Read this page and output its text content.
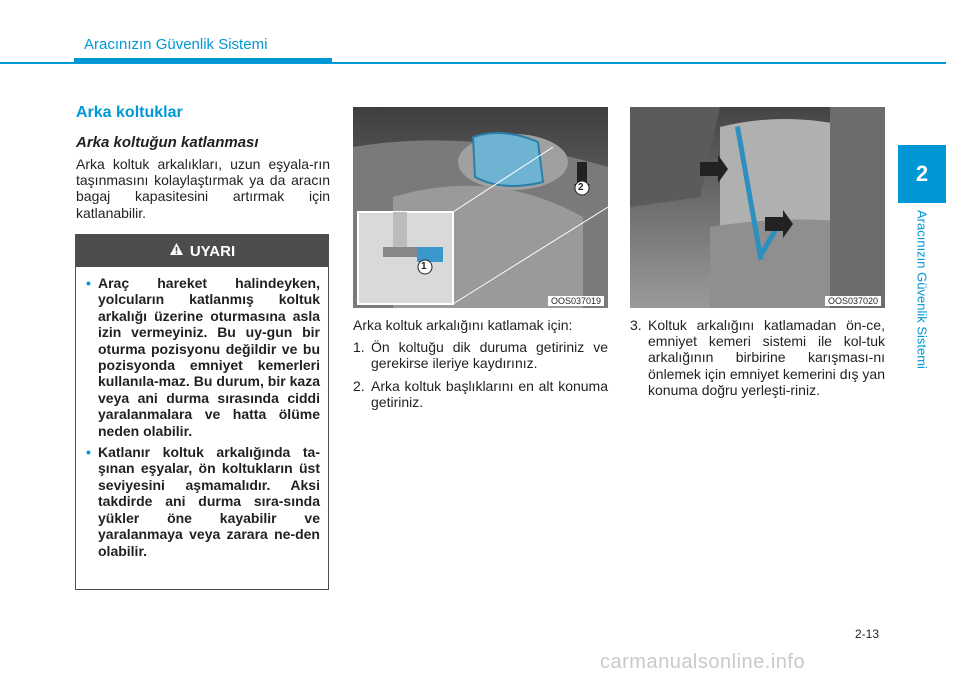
Aracınızın Güvenlik Sistemi
2
Aracınızın Güvenlik Sistemi
Arka koltuklar
Arka koltuğun katlanması
Arka koltuk arkalıkları, uzun eşyala-rın taşınmasını kolaylaştırmak ya da aracın bagaj kapasitesini artırmak için katlanabilir.
UYARI
• Araç hareket halindeyken, yolcuların katlanmış koltuk arkalığı üzerine oturmasına asla izin vermeyiniz. Bu uy-gun bir oturma pozisyonu değildir ve bu pozisyonda emniyet kemerleri kullanıla-maz. Bu durum, bir kaza veya ani durma sırasında ciddi yaralanmalara ve hatta ölüme neden olabilir.
• Katlanır koltuk arkalığında ta-şınan eşyalar, ön koltukların üst seviyesini aşmamalıdır. Aksi takdirde ani durma sıra-sında yükler öne kayabilir ve yaralanmaya veya zarara ne-den olabilir.
1
2
OOS037019	OOS037020
Arka koltuk arkalığını katlamak için:
1. Ön koltuğu dik duruma getiriniz ve gerekirse ileriye kaydırınız.
2. Arka koltuk başlıklarını en alt konuma getiriniz.
3. Koltuk arkalığını katlamadan ön-ce, emniyet kemeri sistemi ile kol-tuk arkalığının birbirine karışması-nı önlemek için emniyet kemerini dış yan konuma doğru yerleşti-riniz.
2-13
carmanualsonline.info
